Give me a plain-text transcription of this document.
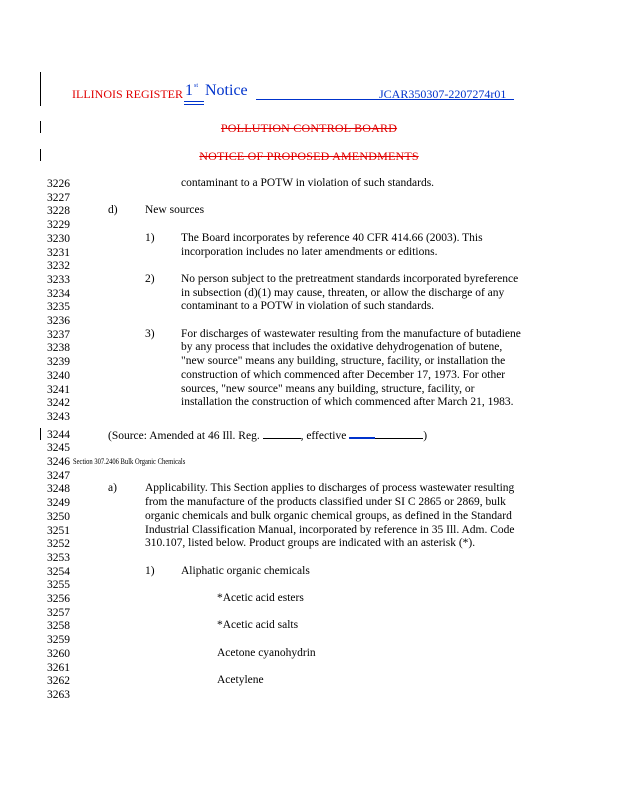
ILLINOIS REGISTER 1 st Notice	JCAR350307-2207274r01
POLLUTION CONTROL BOARD
NOTICE OF PROPOSED AMENDMENTS
3226
3227
3228
3229
3230
3231
3232
3233
3234
3235
3236
3237
3238
3239
3240
3241
3242
3243
3244
3245
3246
3247
3248
3249
3250
3251
3252
3253
3254
3255
3256
3257
3258
3259
3260
3261
3262
3263
contaminant to a POTW in violation of such standards.
d) New sources
1) The Board incorporates by reference 40 CFR 414.66 (2003). This
incorporation includes no later amendments or editions.
2) No person subject to the pretreatment standards incorporated byreference
in subsection (d)(1) may cause, threaten, or allow the discharge of any
contaminant to a POTW in violation of such standards.
3) For discharges of wastewater resulting from the manufacture of butadiene
by any process that includes the oxidative dehydrogenation of butene,
"new source" means any building, structure, facility, or installation the
construction of which commenced after December 17, 1973. For other
sources, "new source" means any building, structure, facility, or
installation the construction of which commenced after March 21, 1983.
(Source: Amended at 46 Ill. Reg.	, effective	)
Section 307.2406 Bulk Organic Chemicals
a) Applicability. This Section applies to discharges of process wastewater resulting
from the manufacture of the products classified under SI C 2865 or 2869, bulk
organic chemicals and bulk organic chemical groups, as defined in the Standard
Industrial Classification Manual, incorporated by reference in 35 Ill. Adm. Code
310.107, listed below. Product groups are indicated with an asterisk (*).
1) Aliphatic organic chemicals
*Acetic acid esters
*Acetic acid salts
Acetone cyanohydrin
Acetylene
